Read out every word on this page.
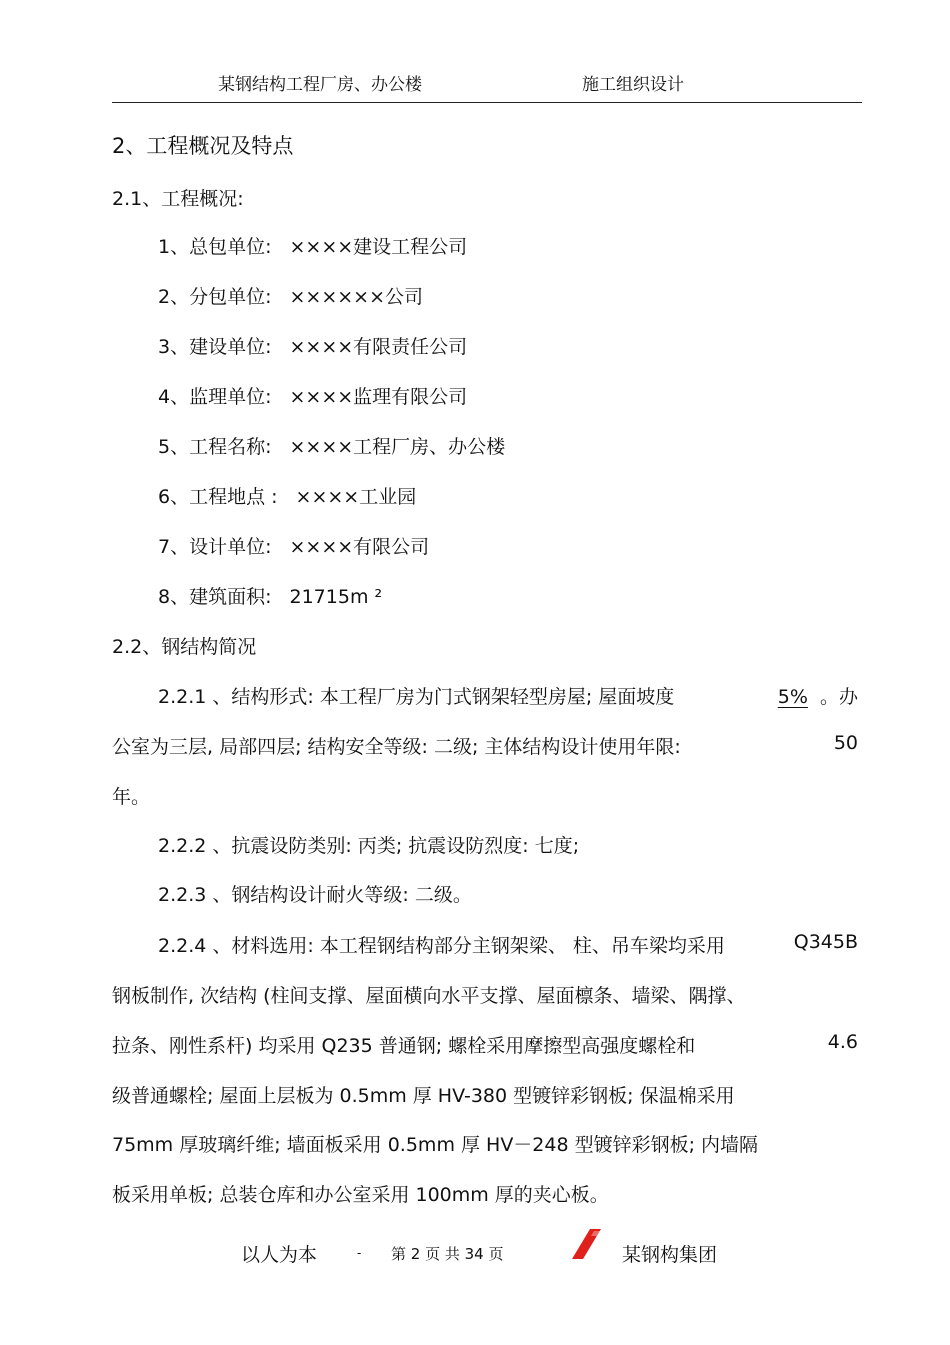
某钢结构工程厂房、办公楼	施工组织设计
2、工程概况及特点
2.1、工程概况:
1、总包单位: ××××建设工程公司
2、分包单位: ××××××公司
3、建设单位: ××××有限责任公司
4、监理单位: ××××监理有限公司
5、工程名称: ××××工程厂房、办公楼
6、工程地点 : ××××工业园
7、设计单位: ××××有限公司
8、建筑面积: 21715m ²
2.2、钢结构简况
2.2.1 、结构形式: 本工程厂房为门式钢架轻型房屋; 屋面坡度	5% 。办
公室为三层, 局部四层; 结构安全等级: 二级; 主体结构设计使用年限:	50
年。
2.2.2 、抗震设防类别: 丙类; 抗震设防烈度: 七度;
2.2.3 、钢结构设计耐火等级: 二级。
2.2.4 、材料选用: 本工程钢结构部分主钢架梁、 柱、吊车梁均采用	Q345B
钢板制作, 次结构 (柱间支撑、屋面横向水平支撑、屋面檩条、墙梁、隅撑、
拉条、刚性系杆) 均采用 Q235 普通钢; 螺栓采用摩擦型高强度螺栓和	4.6
级普通螺栓; 屋面上层板为 0.5mm 厚 HV-380 型镀锌彩钢板; 保温棉采用
75mm 厚玻璃纤维; 墙面板采用 0.5mm 厚 HV－248 型镀锌彩钢板; 内墙隔
板采用单板; 总装仓库和办公室采用 100mm 厚的夹心板。
以人为本	- 第 2 页 共 34 页	某钢构集团
